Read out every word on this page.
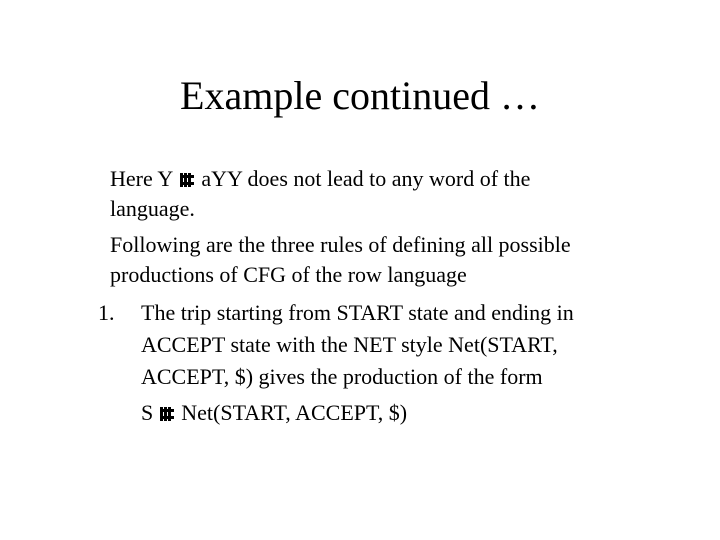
Example continued …
Here Y aYY does not lead to any word of the
language.
Following are the three rules of defining all possible
productions of CFG of the row language
1. The trip starting from START state and ending in
ACCEPT state with the NET style Net(START,
ACCEPT, $) gives the production of the form
S Net(START, ACCEPT, $)
